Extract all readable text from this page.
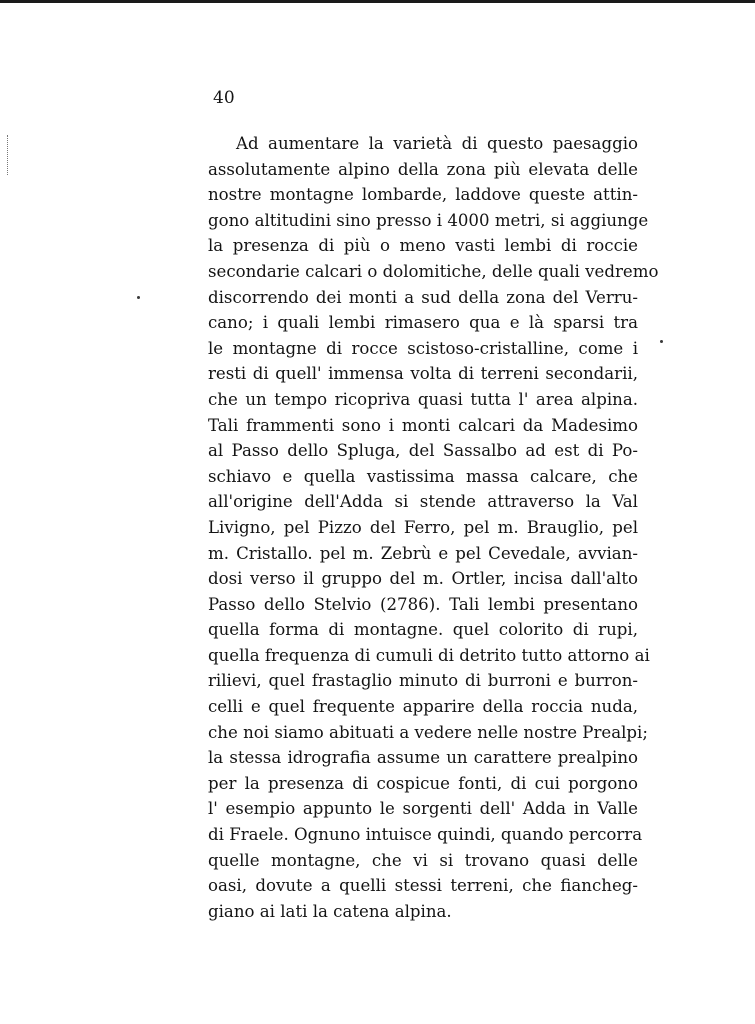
40
Ad aumentare la varietà di questo paesaggio
assolutamente alpino della zona più elevata delle
nostre montagne lombarde, laddove queste attin-
gono altitudini sino presso i 4000 metri, si aggiunge
la presenza di più o meno vasti lembi di roccie
secondarie calcari o dolomitiche, delle quali vedremo
discorrendo dei monti a sud della zona del Verru-
cano; i quali lembi rimasero qua e là sparsi tra
le montagne di rocce scistoso-cristalline, come i
resti di quell' immensa volta di terreni secondarii,
che un tempo ricopriva quasi tutta l' area alpina.
Tali frammenti sono i monti calcari da Madesimo
al Passo dello Spluga, del Sassalbo ad est di Po-
schiavo e quella vastissima massa calcare, che
all'origine dell'Adda si stende attraverso la Val
Livigno, pel Pizzo del Ferro, pel m. Brauglio, pel
m. Cristallo. pel m. Zebrù e pel Cevedale, avvian-
dosi verso il gruppo del m. Ortler, incisa dall'alto
Passo dello Stelvio (2786). Tali lembi presentano
quella forma di montagne. quel colorito di rupi,
quella frequenza di cumuli di detrito tutto attorno ai
rilievi, quel frastaglio minuto di burroni e burron-
celli e quel frequente apparire della roccia nuda,
che noi siamo abituati a vedere nelle nostre Prealpi;
la stessa idrografia assume un carattere prealpino
per la presenza di cospicue fonti, di cui porgono
l' esempio appunto le sorgenti dell' Adda in Valle
di Fraele. Ognuno intuisce quindi, quando percorra
quelle montagne, che vi si trovano quasi delle
oasi, dovute a quelli stessi terreni, che fiancheg-
giano ai lati la catena alpina.
